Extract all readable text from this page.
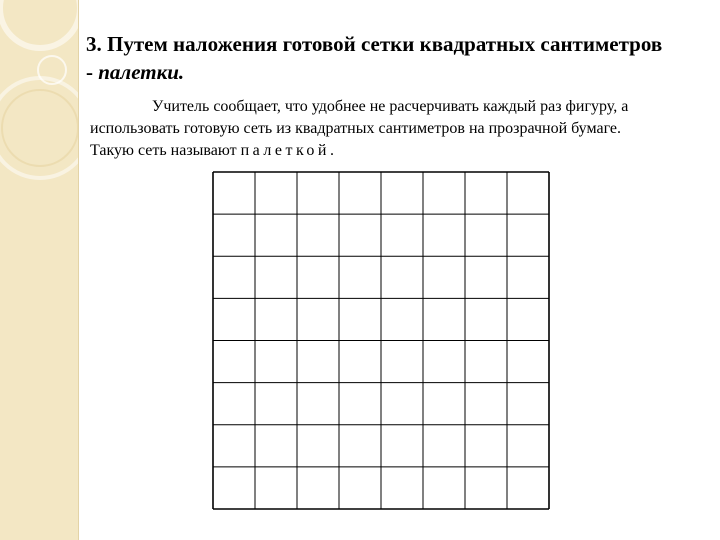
3. Путем наложения готовой сетки квадратных сантиметров
- палетки.
Учитель сообщает, что удобнее не расчерчивать каждый раз фигуру, а
использовать готовую сеть из квадратных сантиметров на прозрачной бумаге.
Такую сеть называют палеткой.
